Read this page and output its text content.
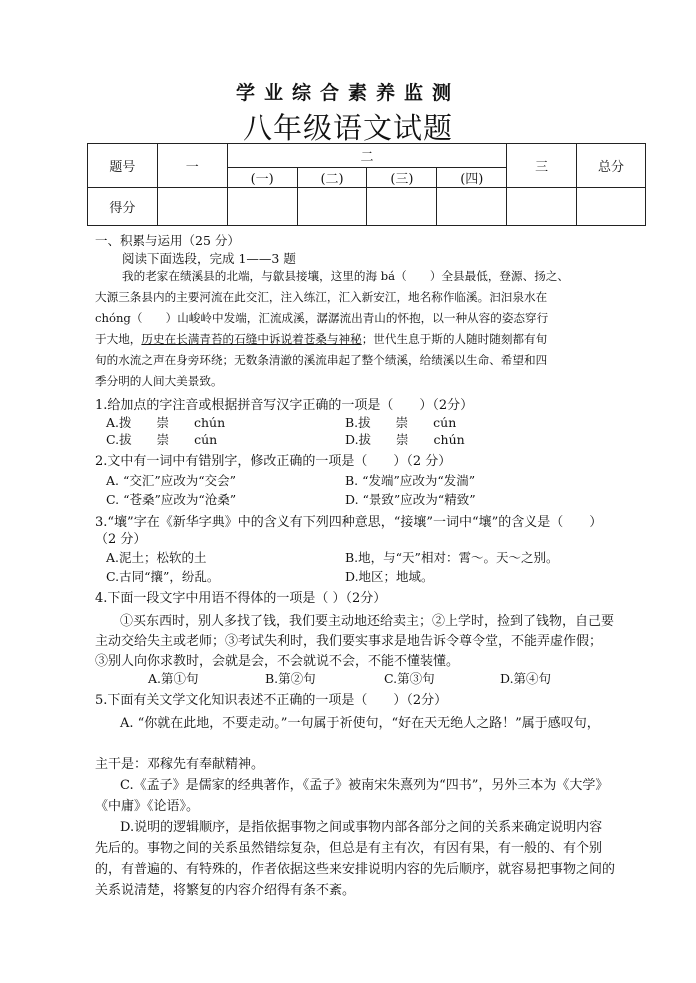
学业综合素养监测
八年级语文试题
题号	一	二				三	总分
		(一)	(二)	(三)	(四)		
得分							
一、积累与运用（25 分）
阅读下面选段，完成 1——3 题
我的老家在绩溪县的北端，与歙县接壤，这里的海 bá（　　）全县最低，登源、扬之、
大源三条县内的主要河流在此交汇，注入练江，汇入新安江，地名称作临溪。汩汩泉水在
chóng（　　）山峻岭中发端，汇流成溪，潺潺流出青山的怀抱，以一种从容的姿态穿行
于大地，历史在长满青苔的石缝中诉说着苍桑与神秘；世代生息于斯的人随时随刻都有旬
旬的水流之声在身旁环绕；无数条清澈的溪流串起了整个绩溪，给绩溪以生命、希望和四
季分明的人间大美景致。
1.给加点的字注音或根据拼音写汉字正确的一项是（　　）（2分）
A.拨　　崇　　chún	B.拔　　崇　　cún
C.拔　　崇　　cún	D.拔　　崇　　chún
2.文中有一词中有错别字，修改正确的一项是（　　）（2 分）
A. “交汇”应改为“交会”	B. “发端”应改为“发湍”
C. “苍桑”应改为“沧桑”	D. “景致”应改为“精致”
3.“壤”字在《新华字典》中的含义有下列四种意思，“接壤”一词中“壤”的含义是（　　）
（2 分）
A.泥土；松软的土	B.地，与“天”相对：霄～。天～之别。
C.古同“攘”，纷乱。	D.地区；地域。
4.下面一段文字中用语不得体的一项是（ ）（2分）
①买东西时，别人多找了钱，我们要主动地还给卖主；②上学时，捡到了钱物，自己要
主动交给失主或老师；③考试失利时，我们要实事求是地告诉令尊令堂，不能弄虚作假；
③别人向你求教时，会就是会，不会就说不会，不能不懂装懂。
A.第①句	B.第②句	C.第③句	D.第④句
5.下面有关文学文化知识表述不正确的一项是（　　）（2分）
A. “你就在此地，不要走动。”一句属于祈使句，“好在天无绝人之路！”属于感叹句，
主干是：邓稼先有奉献精神。
C.《孟子》是儒家的经典著作，《孟子》被南宋朱熹列为“四书”，另外三本为《大学》
《中庸》《论语》。
D.说明的逻辑顺序，是指依据事物之间或事物内部各部分之间的关系来确定说明内容
先后的。事物之间的关系虽然错综复杂，但总是有主有次，有因有果，有一般的、有个别
的，有普遍的、有特殊的，作者依据这些来安排说明内容的先后顺序，就容易把事物之间的
关系说清楚，将繁复的内容介绍得有条不紊。
